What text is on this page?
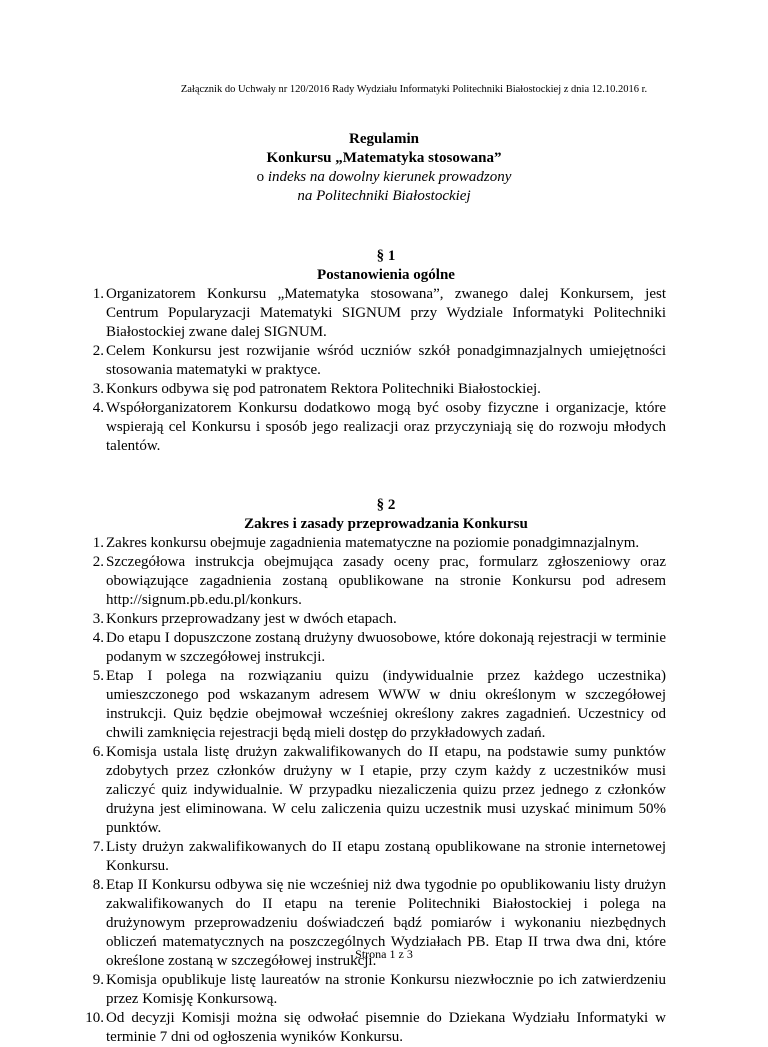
Załącznik do Uchwały nr 120/2016 Rady Wydziału Informatyki Politechniki Białostockiej z dnia 12.10.2016 r.
Regulamin
Konkursu „Matematyka stosowana”
o indeks na dowolny kierunek prowadzony
na Politechniki Białostockiej
§ 1
Postanowienia ogólne
1. Organizatorem Konkursu „Matematyka stosowana”, zwanego dalej Konkursem, jest Centrum Popularyzacji Matematyki SIGNUM przy Wydziale Informatyki Politechniki Białostockiej zwane dalej SIGNUM.
2. Celem Konkursu jest rozwijanie wśród uczniów szkół ponadgimnazjalnych umiejętności stosowania matematyki w praktyce.
3. Konkurs odbywa się pod patronatem Rektora Politechniki Białostockiej.
4. Współorganizatorem Konkursu dodatkowo mogą być osoby fizyczne i organizacje, które wspierają cel Konkursu i sposób jego realizacji oraz przyczyniają się do rozwoju młodych talentów.
§ 2
Zakres i zasady przeprowadzania Konkursu
1. Zakres konkursu obejmuje zagadnienia matematyczne na poziomie ponadgimnazjalnym.
2. Szczegółowa instrukcja obejmująca zasady oceny prac, formularz zgłoszeniowy oraz obowiązujące zagadnienia zostaną opublikowane na stronie Konkursu pod adresem http://signum.pb.edu.pl/konkurs.
3. Konkurs przeprowadzany jest w dwóch etapach.
4. Do etapu I dopuszczone zostaną drużyny dwuosobowe, które dokonają rejestracji w terminie podanym w szczegółowej instrukcji.
5. Etap I polega na rozwiązaniu quizu (indywidualnie przez każdego uczestnika) umieszczonego pod wskazanym adresem WWW w dniu określonym w szczegółowej instrukcji. Quiz będzie obejmował wcześniej określony zakres zagadnień. Uczestnicy od chwili zamknięcia rejestracji będą mieli dostęp do przykładowych zadań.
6. Komisja ustala listę drużyn zakwalifikowanych do II etapu, na podstawie sumy punktów zdobytych przez członków drużyny w I etapie, przy czym każdy z uczestników musi zaliczyć quiz indywidualnie. W przypadku niezaliczenia quizu przez jednego z członków drużyna jest eliminowana. W celu zaliczenia quizu uczestnik musi uzyskać minimum 50% punktów.
7. Listy drużyn zakwalifikowanych do II etapu zostaną opublikowane na stronie internetowej Konkursu.
8. Etap II Konkursu odbywa się nie wcześniej niż dwa tygodnie po opublikowaniu listy drużyn zakwalifikowanych do II etapu na terenie Politechniki Białostockiej i polega na drużynowym przeprowadzeniu doświadczeń bądź pomiarów i wykonaniu niezbędnych obliczeń matematycznych na poszczególnych Wydziałach PB. Etap II trwa dwa dni, które określone zostaną w szczegółowej instrukcji.
9. Komisja opublikuje listę laureatów na stronie Konkursu niezwłocznie po ich zatwierdzeniu przez Komisję Konkursową.
10. Od decyzji Komisji można się odwołać pisemnie do Dziekana Wydziału Informatyki w terminie 7 dni od ogłoszenia wyników Konkursu.
Strona 1 z 3
